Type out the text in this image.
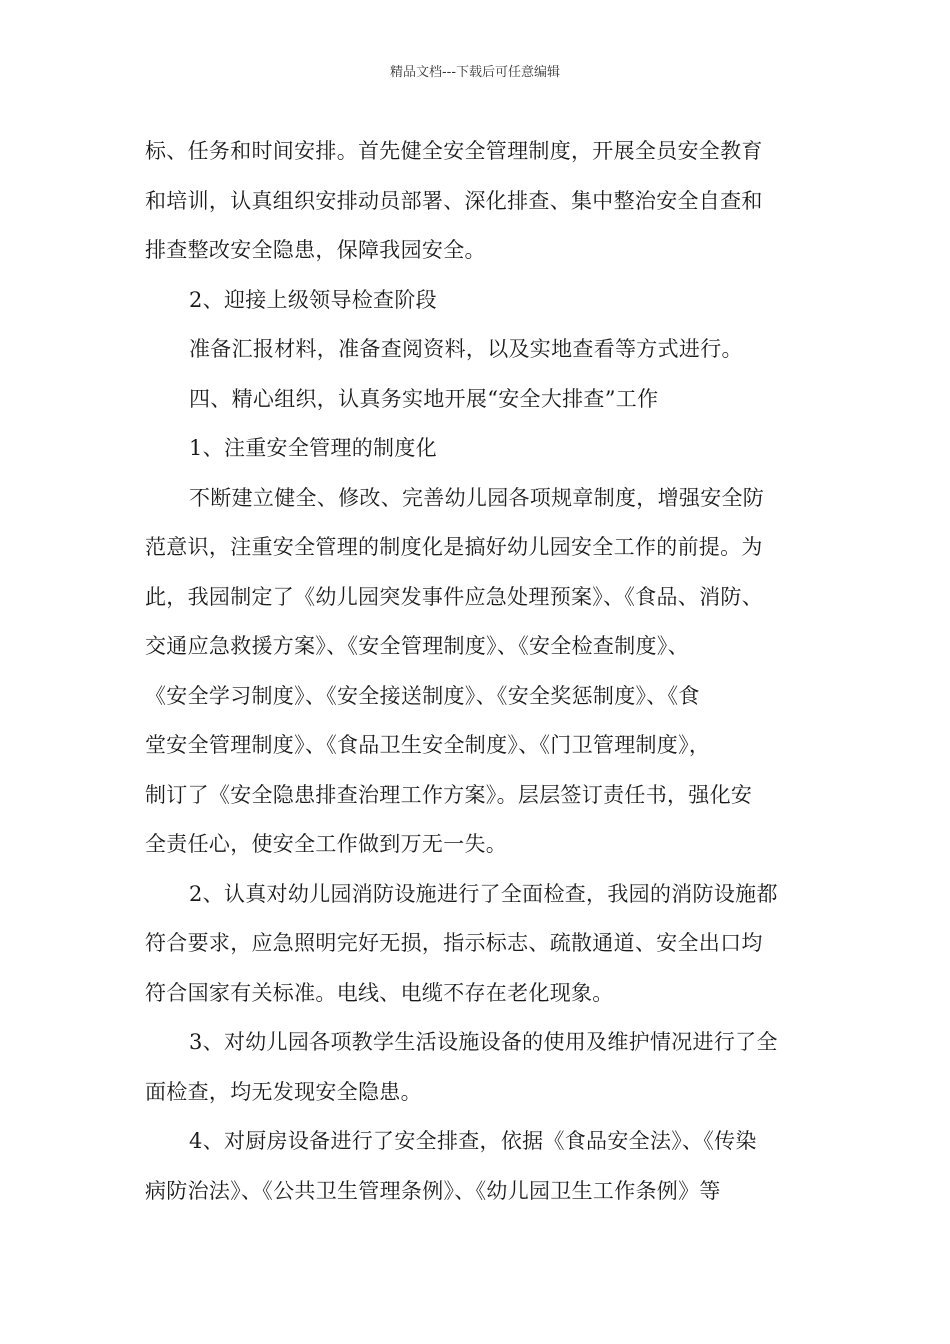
精品文档---下载后可任意编辑
标、任务和时间安排。首先健全安全管理制度，开展全员安全教育
和培训，认真组织安排动员部署、深化排查、集中整治安全自查和
排查整改安全隐患，保障我园安全。
2、迎接上级领导检查阶段
准备汇报材料，准备查阅资料，以及实地查看等方式进行。
四、精心组织，认真务实地开展“安全大排查”工作
1、注重安全管理的制度化
不断建立健全、修改、完善幼儿园各项规章制度，增强安全防
范意识，注重安全管理的制度化是搞好幼儿园安全工作的前提。为
此，我园制定了《幼儿园突发事件应急处理预案》、《食品、消防、
交通应急救援方案》、《安全管理制度》、《安全检查制度》、
《安全学习制度》、《安全接送制度》、《安全奖惩制度》、《食
堂安全管理制度》、《食品卫生安全制度》、《门卫管理制度》，
制订了《安全隐患排查治理工作方案》。层层签订责任书，强化安
全责任心，使安全工作做到万无一失。
2、认真对幼儿园消防设施进行了全面检查，我园的消防设施都
符合要求，应急照明完好无损，指示标志、疏散通道、安全出口均
符合国家有关标准。电线、电缆不存在老化现象。
3、对幼儿园各项教学生活设施设备的使用及维护情况进行了全
面检查，均无发现安全隐患。
4、对厨房设备进行了安全排查，依据《食品安全法》、《传染
病防治法》、《公共卫生管理条例》、《幼儿园卫生工作条例》等
